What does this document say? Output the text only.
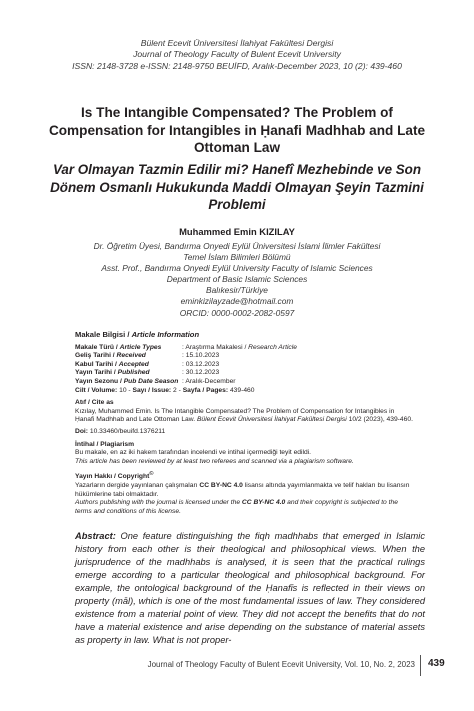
Bülent Ecevit Üniversitesi İlahiyat Fakültesi Dergisi
Journal of Theology Faculty of Bulent Ecevit University
ISSN: 2148-3728 e-ISSN: 2148-9750 BEUİFD, Aralık-December 2023, 10 (2): 439-460
Is The Intangible Compensated? The Problem of Compensation for Intangibles in Ḥanafi Madhhab and Late Ottoman Law
Var Olmayan Tazmin Edilir mi? Hanefî Mezhebinde ve Son Dönem Osmanlı Hukukunda Maddi Olmayan Şeyin Tazmini Problemi
Muhammed Emin KIZILAY
Dr. Öğretim Üyesi, Bandırma Onyedi Eylül Üniversitesi İslami İlimler Fakültesi
Temel İslam Bilimleri Bölümü
Asst. Prof., Bandırma Onyedi Eylül University Faculty of Islamic Sciences
Department of Basic Islamic Sciences
Balıkesir/Türkiye
eminkizilayzade@hotmail.com
ORCID: 0000-0002-2082-0597
Makale Bilgisi / Article Information
Makale Türü / Article Types	: Araştırma Makalesi / Research Article
Geliş Tarihi / Received	: 15.10.2023
Kabul Tarihi / Accepted	: 03.12.2023
Yayın Tarihi / Published	: 30.12.2023
Yayın Sezonu / Pub Date Season : Aralık-December
Cilt / Volume:
10 - Sayı / Issue:
2 - Sayfa / Pages:
439-460
Atıf / Cite as

Kızılay, Muhammed Emin. Is The Intangible Compensated? The Problem of Compensation for Intangibles in Ḥanafi Madhhab and Late Ottoman Law. Bülent Ecevit Üniversitesi İlahiyat Fakültesi Dergisi 10/2 (2023), 439-460.

Doi: 10.33460/beuifd.1376211

İntihal / Plagiarism

Bu makale, en az iki hakem tarafından incelendi ve intihal içermediği teyit edildi.

This article has been reviewed by at least two referees and scanned via a plagiarism software.

Yayın Hakkı / Copyright©

Yazarların dergide yayınlanan çalışmaları CC BY-NC 4.0 lisansı altında yayımlanmakta ve telif hakları bu lisansın hükümlerine tabi olmaktadır.

Authors publishing with the journal is licensed under the CC BY-NC 4.0 and their copyright is subjected to the terms and conditions of this license.

Abstract: One feature distinguishing the fiqh madhhabs that emerged in Islamic history from each other is their theological and philosophical views. When the jurisprudence of the madhhabs is analysed, it is seen that the practical rulings emerge according to a particular theological and philosophical background. For example, the ontological background of the Ḥanafīs is reflected in their views on property (māl), which is one of the most fundamental issues of law. They considered existence from a material point of view. They did not accept the benefits that do not have a material existence and arise depending on the substance of material assets as property in law. What is not proper-
Journal of Theology Faculty of Bulent Ecevit University, Vol. 10, No. 2, 2023 439
